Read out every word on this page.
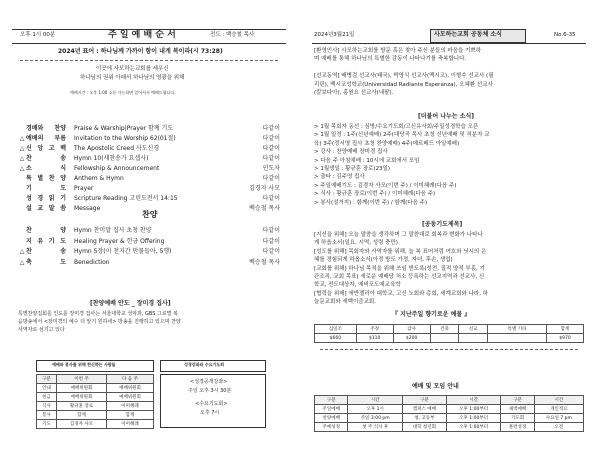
오후 1시 00분	주 일 예 배 순 서	전도 : 백승철 목사
2024년 표어 : 하나님께 가까이 함이 내게 복이라(시 73:28)
이곳에 사모하는교회를 세우신
하나님의 권위 아래서 하나님의 영광을 위해
예배시간 : 오후 1:00 소등 가능하면 일어서서 예배드립니다.

경배와 찬양 Praise & Warship|Prayer 함께 기도	다같이
△ 예배의 부름 Invitation to the Worship 62(01절)	다같이
△ 신 앙 고 백 The Apostolic Creed 사도신경	다같이
△ 찬 송 Hymn 10(새찬송가 요셉사)	다같이
△ 소 식 Fellowship & Announcement	인도자

특 별 찬 양 Anthem & Hymn	다같이

기 도 Prayer	김경자 사모

성 경 읽 기 Scripture Reading 고린도전서 14:15	다같이

설 교 말 씀 Message	백승철 목사
찬양

찬 양 Hymn 찬미말 집사 초청 찬양	다같이

지 유 기 도 Healing Prayer & 헌금 Offering	다같이
△ 찬 송 Hymn 5장(이 천지간 만물들아, 5행)	다같이
△ 축 도 Benediction	백승철 목사
[찬양예배 안도 _ 장미경 집사]
특별찬양집회를 인도를 장미경 집사는 서울대학교 성악과, GBS 그로벌 복
음방송에서 <장미경의 예수 더 알기 원하네> 방송을 진행하고 있으며 찬양
사역자로 섬기고 있다
예배와 봉사를 위해 헌신하는 사람들
구분	이번 주	다 음 주
안내	예배위원회	예배위원회
헌금	예배위원회	예배위원회
식사	황규훈 장로	이미혜례
봉사	함께	함께
기도	김경자 사모	이미혜례
성경강좌와 수요기도회
<성경공개강좌>
주일 오후 3시 30분
<수요기도회>
오후 7시
2024년3월21일	사모하는교회 공동체 소식	No.6-35
[환영인사] 사모하는교회를 방문 혹은 찾아 주신 분들의 마음을 기쁘하
며 예배를 통해 하나님의 특별한 감동이 나타나기를 축복합니다.

[선교동역] 배병걸 선교사(태국), 박영식 선교사(멕시코), 이형수 선교사 (필
리핀), 멕시코성학교(Universidad Radiante Esperanza), 오혜환 선교사
(칼보다아), 홍원요 선교사(네팔).
[더불어 나누는 소식]
> 1월 목회자 동선 : 심방/수요기도회/고신유사회/주일성경학습 오픈
> 1월 일정 : 1주(신년예배) 2주(대당곡 목사 초청 신년예배 및 직분자 교
육) 3주(정서영 집사 초청 찬양예배) 4주(메르베드 아일예배)
> 강사 : 찬양예배 장미경 집사
> 다음 주 아침예배 : 10시에 교회에서 모임
> 1월생일 : 황규훈 장로(23일)
> 출타 : 김주영 집사
> 주일예배기도 : 김경자 사모(이번 주) / 이미혜례(다음 주)
> 식사 : 황규훈 장로(이번 주) / 이미혜례(다음 주)
> 봉사(설거지) : 함께(이번 주) / 함께(다음 주)
[공동기도제목]
[지선을 위해] 오늘 말씀을 생각하며 그 말씀대로 회복과 변화가 나타나
게 하옵소서(일요, 시역, 성령 충만)
[성도를 위해] 목회자와 사역자를 위해, 늘 복 표어처럼 여호와 닛시의 은
혜를 경험되게 하옵소서(아정 방도 가정, 자녀, 후손, 생업)
[교회를 위해] 하나님 목적을 위해 쓰임 받도록(성전, 질적 양적 부흥, 기
관조직, 교회 목표) 새로운 예배당 처소 등록하는 선교지역과 선교사, 신
학교, 전도대상자, 예비포도예교육학
[협력을 위해] 에반젤리아 대학교, 고신 노회와 총회, 세계교회와 나라, 하
늘문교회와 세백이즘교회.
『 지난주일 향기로운 예물 』
십일조	주정	감사	건축	선교	특별 기타	합계
$660	$110	$200				$970
예배 및 모임 안내
구분	시간	구분	시간	구분	시간
주일예배	오후 1시	캠퍼스 예배	오후 1:00부터	새벽예배	개인적으
찬양예배	주일 3:00 pm	청, 고등부	오후 1:00부터	기도회	수요일 7 pm
주예성경	첫 주 식사 후	대학 청년회	오후 1:00부터	훈련성경	오전
